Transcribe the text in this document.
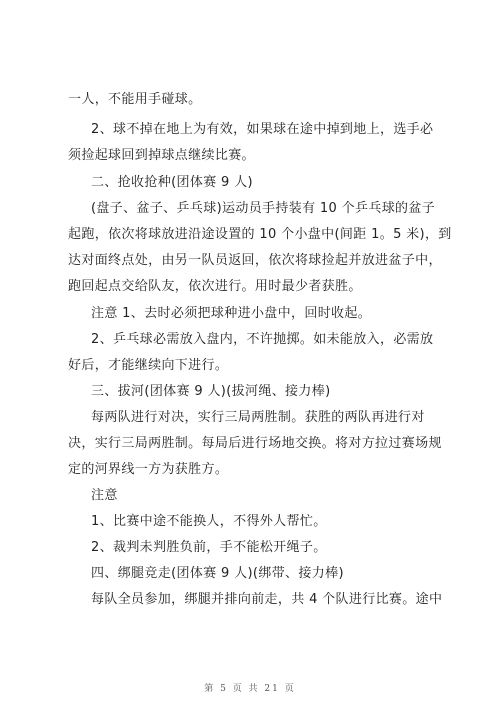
一人，不能用手碰球。
2、球不掉在地上为有效，如果球在途中掉到地上，选手必
须捡起球回到掉球点继续比赛。
二、抢收抢种(团体赛 9 人)
(盘子、盆子、乒乓球)运动员手持装有 10 个乒乓球的盆子
起跑，依次将球放进沿途设置的 10 个小盘中(间距 1。5 米)，到
达对面终点处，由另一队员返回，依次将球捡起并放进盆子中，
跑回起点交给队友，依次进行。用时最少者获胜。
注意 1、去时必须把球种进小盘中，回时收起。
2、乒乓球必需放入盘内，不许抛掷。如未能放入，必需放
好后，才能继续向下进行。
三、拔河(团体赛 9 人)(拔河绳、接力棒)
每两队进行对决，实行三局两胜制。获胜的两队再进行对
决，实行三局两胜制。每局后进行场地交换。将对方拉过赛场规
定的河界线一方为获胜方。
注意
1、比赛中途不能换人，不得外人帮忙。
2、裁判未判胜负前，手不能松开绳子。
四、绑腿竞走(团体赛 9 人)(绑带、接力棒)
每队全员参加，绑腿并排向前走，共 4 个队进行比赛。途中
第 5 页 共 21 页
